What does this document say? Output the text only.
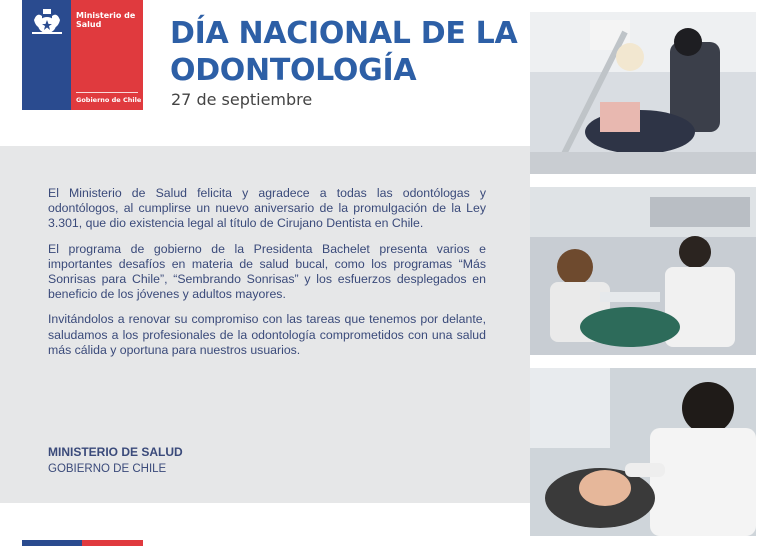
Ministerio de
Salud
Gobierno de Chile
DÍA NACIONAL DE LA
ODONTOLOGÍA
27 de septiembre

El Ministerio de Salud felicita y agradece a todas las odontólogas y odontólogos, al cumplirse un nuevo aniversario de la promulgación de la Ley 3.301, que dio existencia legal al título de Cirujano Dentista en Chile.

El programa de gobierno de la Presidenta Bachelet presenta varios e importantes desafíos en materia de salud bucal, como los programas “Más Sonrisas para Chile”, “Sembrando Sonrisas” y los esfuerzos desplegados en beneficio de los jóvenes y adultos mayores.

Invitándolos a renovar su compromiso con las tareas que tenemos por delante, saludamos a los profesionales de la odontología comprometidos con una salud más cálida y oportuna para nuestros usuarios.

MINISTERIO DE SALUD
GOBIERNO DE CHILE
